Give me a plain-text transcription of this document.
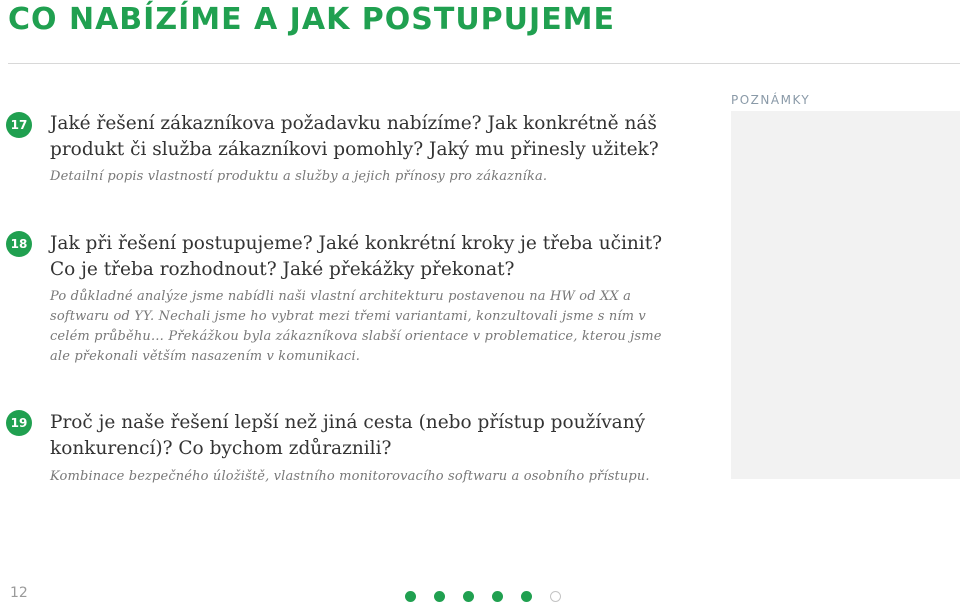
CO NABÍZÍME A JAK POSTUPUJEME
17 Jaké řešení zákazníkova požadavku nabízíme? Jak konkrétně náš produkt či služba zákazníkovi pomohly? Jaký mu přinesly užitek?
Detailní popis vlastností produktu a služby a jejich přínosy pro zákazníka.
18 Jak při řešení postupujeme? Jaké konkrétní kroky je třeba učinit? Co je třeba rozhodnout? Jaké překážky překonat?
Po důkladné analýze jsme nabídli naši vlastní architekturu postavenou na HW od XX a softwaru od YY. Nechali jsme ho vybrat mezi třemi variantami, konzultovali jsme s ním v celém průběhu… Překážkou byla zákazníkova slabší orientace v problematice, kterou jsme ale překonali větším nasazením v komunikaci.
19 Proč je naše řešení lepší než jiná cesta (nebo přístup používaný konkurencí)? Co bychom zdůraznili?
Kombinace bezpečného úložiště, vlastního monitorovacího softwaru a osobního přístupu.
POZNÁMKY
12
